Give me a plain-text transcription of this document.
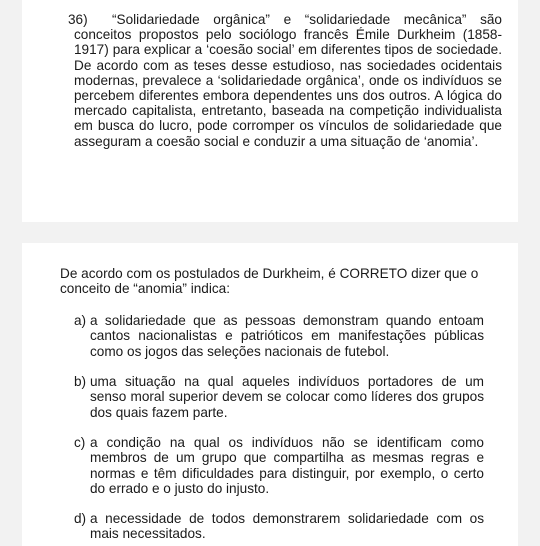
36)	“Solidariedade orgânica” e “solidariedade mecânica” são conceitos propostos pelo sociólogo francês Émile Durkheim (1858-1917) para explicar a ‘coesão social’ em diferentes tipos de sociedade. De acordo com as teses desse estudioso, nas sociedades ocidentais modernas, prevalece a ‘solidariedade orgânica’, onde os indivíduos se percebem diferentes embora dependentes uns dos outros. A lógica do mercado capitalista, entretanto, baseada na competição individualista em busca do lucro, pode corromper os vínculos de solidariedade que asseguram a coesão social e conduzir a uma situação de ‘anomia’.
De acordo com os postulados de Durkheim, é CORRETO dizer que o conceito de “anomia” indica:
a) a solidariedade que as pessoas demonstram quando entoam cantos nacionalistas e patrióticos em manifestações públicas como os jogos das seleções nacionais de futebol.
b) uma situação na qual aqueles indivíduos portadores de um senso moral superior devem se colocar como líderes dos grupos dos quais fazem parte.
c) a condição na qual os indivíduos não se identificam como membros de um grupo que compartilha as mesmas regras e normas e têm dificuldades para distinguir, por exemplo, o certo do errado e o justo do injusto.
d) a necessidade de todos demonstrarem solidariedade com os mais necessitados.
